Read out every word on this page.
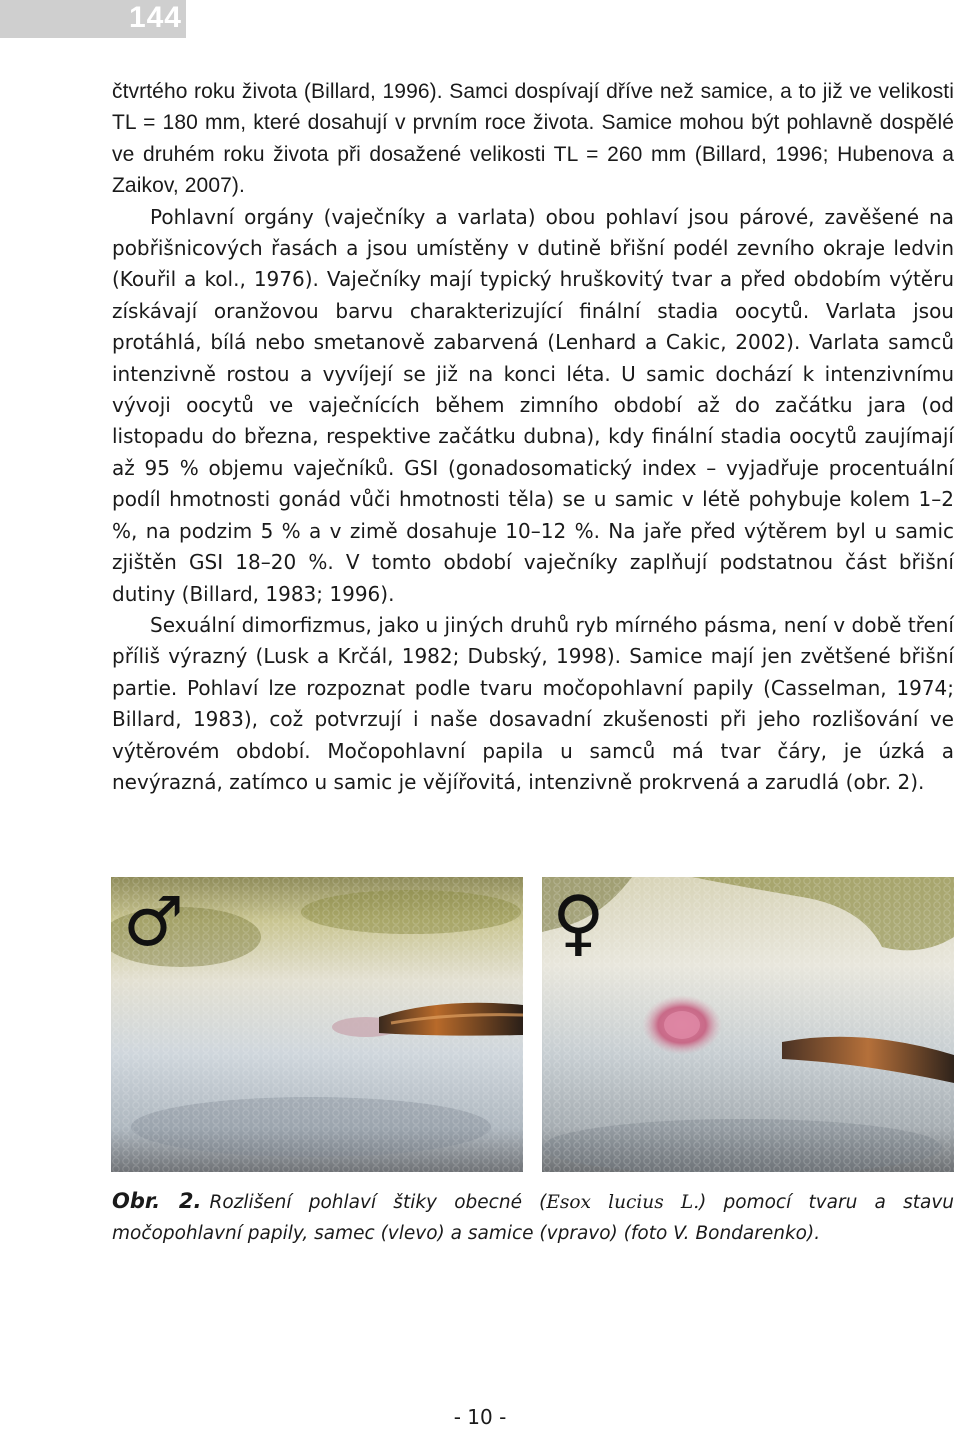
144

čtvrtého roku života (Billard, 1996). Samci dospívají dříve než samice, a to již ve velikosti TL = 180 mm, které dosahují v prvním roce života. Samice mohou být pohlavně dospělé ve druhém roku života při dosažené velikosti TL = 260 mm (Billard, 1996; Hubenova a Zaikov, 2007).

Pohlavní orgány (vaječníky a varlata) obou pohlaví jsou párové, zavěšené na pobřišnicových řasách a jsou umístěny v dutině břišní podél zevního okraje ledvin (Kouřil a kol., 1976). Vaječníky mají typický hruškovitý tvar a před obdobím výtěru získávají oranžovou barvu charakterizující finální stadia oocytů. Varlata jsou protáhlá, bílá nebo smetanově zabarvená (Lenhard a Cakic, 2002). Varlata samců intenzivně rostou a vyvíjejí se již na konci léta. U samic dochází k intenzivnímu vývoji oocytů ve vaječnících během zimního období až do začátku jara (od listopadu do března, respektive začátku dubna), kdy finální stadia oocytů zaujímají až 95 % objemu vaječníků. GSI (gonadosomatický index – vyjadřuje procentuální podíl hmotnosti gonád vůči hmotnosti těla) se u samic v létě pohybuje kolem 1–2 %, na podzim 5 % a v zimě dosahuje 10–12 %. Na jaře před výtěrem byl u samic zjištěn GSI 18–20 %. V tomto období vaječníky zaplňují podstatnou část břišní dutiny (Billard, 1983; 1996).

Sexuální dimorfizmus, jako u jiných druhů ryb mírného pásma, není v době tření příliš výrazný (Lusk a Krčál, 1982; Dubský, 1998). Samice mají jen zvětšené břišní partie. Pohlaví lze rozpoznat podle tvaru močopohlavní papily (Casselman, 1974; Billard, 1983), což potvrzují i naše dosavadní zkušenosti při jeho rozlišování ve výtěrovém období. Močopohlavní papila u samců má tvar čáry, je úzká a nevýrazná, zatímco u samic je vějířovitá, intenzivně prokrvená a zarudlá (obr. 2).

♂	♀
Obr. 2. Rozlišení pohlaví štiky obecné (Esox lucius L.) pomocí tvaru a stavu močopohlavní papily, samec (vlevo) a samice (vpravo) (foto V. Bondarenko).
- 10 -
